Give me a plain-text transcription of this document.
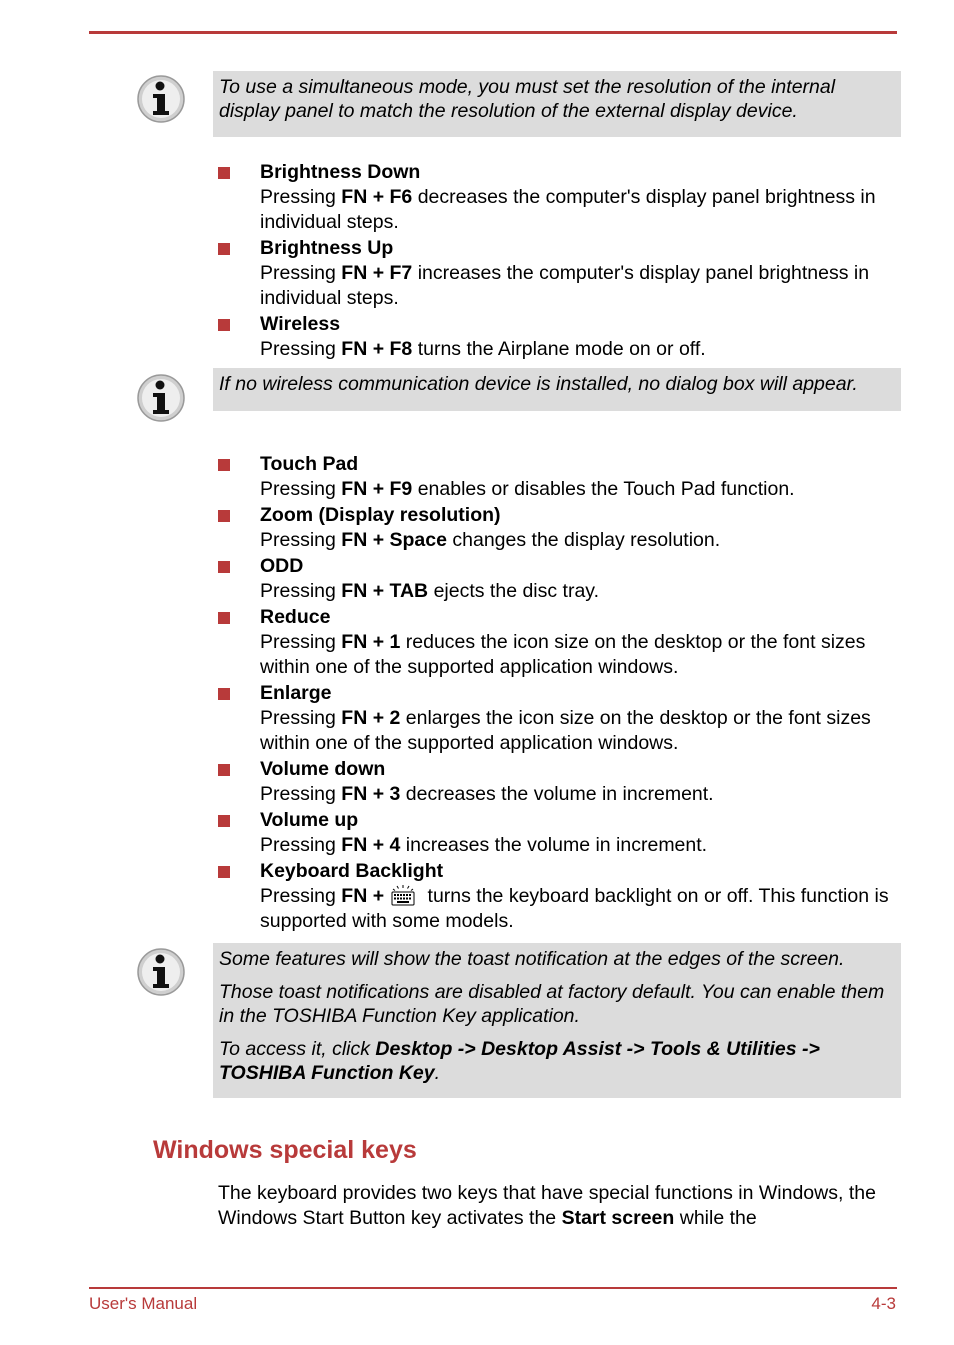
To use a simultaneous mode, you must set the resolution of the internal display panel to match the resolution of the external display device.

Brightness Down
Pressing FN + F6 decreases the computer's display panel brightness in individual steps.
Brightness Up
Pressing FN + F7 increases the computer's display panel brightness in individual steps.
Wireless
Pressing FN + F8 turns the Airplane mode on or off.

If no wireless communication device is installed, no dialog box will appear.

Touch Pad
Pressing FN + F9 enables or disables the Touch Pad function.
Zoom (Display resolution)
Pressing FN + Space changes the display resolution.
ODD
Pressing FN + TAB ejects the disc tray.
Reduce
Pressing FN + 1 reduces the icon size on the desktop or the font sizes within one of the supported application windows.
Enlarge
Pressing FN + 2 enlarges the icon size on the desktop or the font sizes within one of the supported application windows.
Volume down
Pressing FN + 3 decreases the volume in increment.
Volume up
Pressing FN + 4 increases the volume in increment.
Keyboard Backlight
Pressing FN + turns the keyboard backlight on or off. This function is supported with some models.

Some features will show the toast notification at the edges of the screen.

Those toast notifications are disabled at factory default. You can enable them in the TOSHIBA Function Key application.

To access it, click Desktop -> Desktop Assist -> Tools & Utilities -> TOSHIBA Function Key.

Windows special keys

The keyboard provides two keys that have special functions in Windows, the Windows Start Button key activates the Start screen while the

User's Manual	4-3
